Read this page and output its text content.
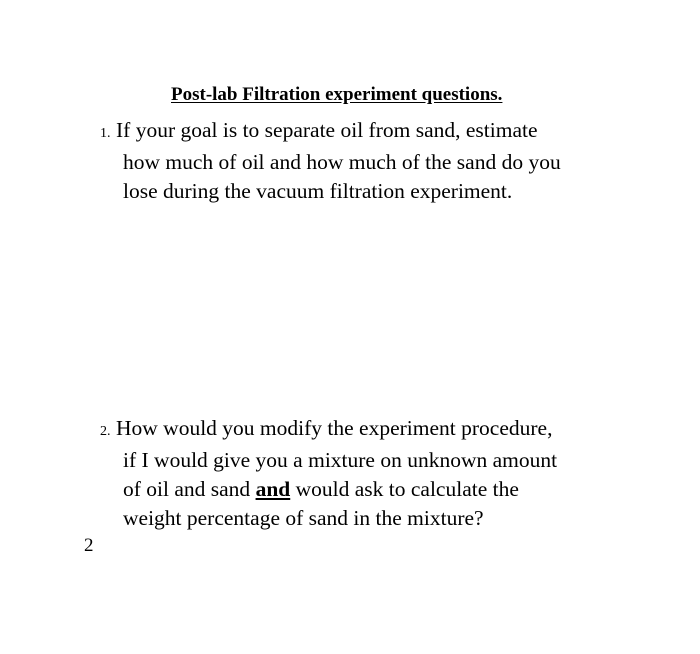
Post-lab Filtration experiment questions.
1. If your goal is to separate oil from sand, estimate
how much of oil and how much of the sand do you
lose during the vacuum filtration experiment.
2. How would you modify the experiment procedure,
if I would give you a mixture on unknown amount
of oil and sand and would ask to calculate the
weight percentage of sand in the mixture?
2
